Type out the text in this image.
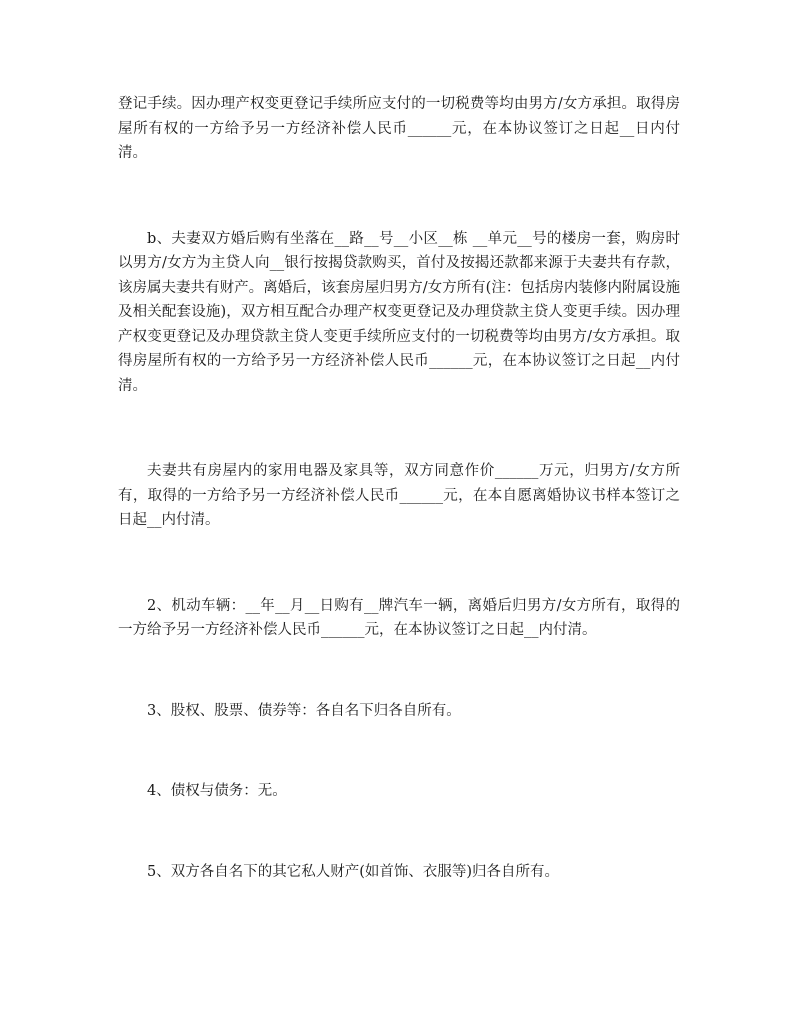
登记手续。因办理产权变更登记手续所应支付的一切税费等均由男方/女方承担。取得房屋所有权的一方给予另一方经济补偿人民币______元，在本协议签订之日起__日内付清。

b、夫妻双方婚后购有坐落在__路__号__小区__栋 __单元__号的楼房一套，购房时以男方/女方为主贷人向__银行按揭贷款购买，首付及按揭还款都来源于夫妻共有存款，该房属夫妻共有财产。离婚后，该套房屋归男方/女方所有(注：包括房内装修内附属设施及相关配套设施)，双方相互配合办理产权变更登记及办理贷款主贷人变更手续。因办理产权变更登记及办理贷款主贷人变更手续所应支付的一切税费等均由男方/女方承担。取得房屋所有权的一方给予另一方经济补偿人民币______元，在本协议签订之日起__内付清。

夫妻共有房屋内的家用电器及家具等，双方同意作价______万元，归男方/女方所有，取得的一方给予另一方经济补偿人民币______元，在本自愿离婚协议书样本签订之日起__内付清。

2、机动车辆：__年__月__日购有__牌汽车一辆，离婚后归男方/女方所有，取得的一方给予另一方经济补偿人民币______元，在本协议签订之日起__内付清。

3、股权、股票、债券等：各自名下归各自所有。

4、债权与债务：无。

5、双方各自名下的其它私人财产(如首饰、衣服等)归各自所有。
